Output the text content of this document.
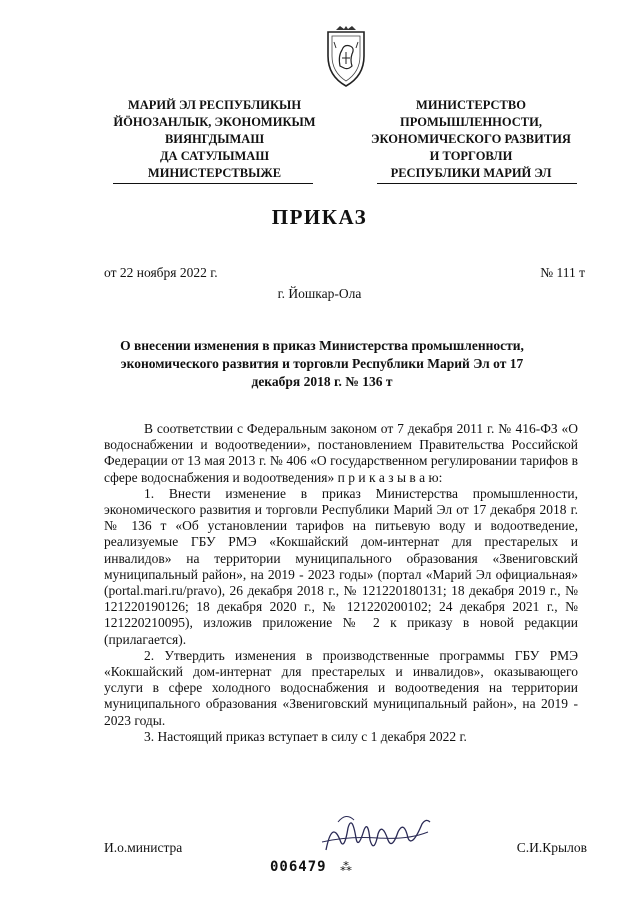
МАРИЙ ЭЛ РЕСПУБЛИКЫН
ЙӦНОЗАНЛЫК, ЭКОНОМИКЫМ
ВИЯНГДЫМАШ
ДА САТУЛЫМАШ
МИНИСТЕРСТВЫЖЕ
МИНИСТЕРСТВО
ПРОМЫШЛЕННОСТИ,
ЭКОНОМИЧЕСКОГО РАЗВИТИЯ
И ТОРГОВЛИ
РЕСПУБЛИКИ МАРИЙ ЭЛ
ПРИКАЗ
от 22 ноября 2022 г.	№ 111 т
г. Йошкар-Ола
О внесении изменения в приказ Министерства промышленности, экономического развития и торговли Республики Марий Эл от 17 декабря 2018 г. № 136 т

В соответствии с Федеральным законом от 7 декабря 2011 г. № 416-ФЗ «О водоснабжении и водоотведении», постановлением Правительства Российской Федерации от 13 мая 2013 г. № 406 «О государственном регулировании тарифов в сфере водоснабжения и водоотведения» п р и к а з ы в а ю:

1. Внести изменение в приказ Министерства промышленности, экономического развития и торговли Республики Марий Эл от 17 декабря 2018 г. № 136 т «Об установлении тарифов на питьевую воду и водоотведение, реализуемые ГБУ РМЭ «Кокшайский дом-интернат для престарелых и инвалидов» на территории муниципального образования «Звениговский муниципальный район», на 2019 - 2023 годы» (портал «Марий Эл официальная» (portal.mari.ru/pravo), 26 декабря 2018 г., № 121220180131; 18 декабря 2019 г., № 121220190126; 18 декабря 2020 г., № 121220200102; 24 декабря 2021 г., № 121220210095), изложив приложение № 2 к приказу в новой редакции (прилагается).

2. Утвердить изменения в производственные программы ГБУ РМЭ «Кокшайский дом-интернат для престарелых и инвалидов», оказывающего услуги в сфере холодного водоснабжения и водоотведения на территории муниципального образования «Звениговский муниципальный район», на 2019 - 2023 годы.

3. Настоящий приказ вступает в силу с 1 декабря 2022 г.

И.о.министра	С.И.Крылов
006479 ⁂
